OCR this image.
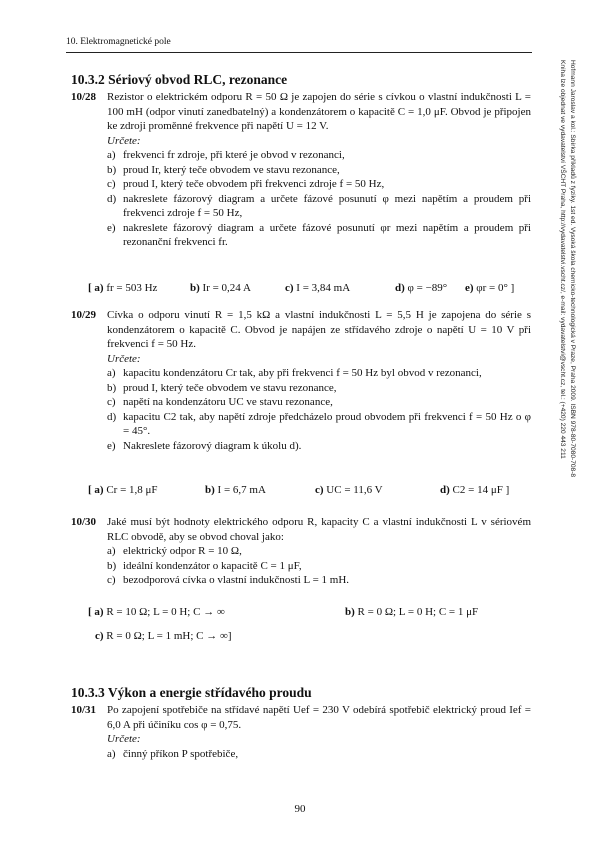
10. Elektromagnetické pole
Hofmann Jaroslav a kol.: Sbírka příkladů z fyziky. 1st ed. Vysoká škola chemicko-technologická v Praze, Praha 2009. ISBN 978-80-7080-708-8
Kniha lze objednat ve vydavatelství VŠCHT Praha, http://vydavatelstvi.vscht.cz/, e-mail: vydavatelstvi@vscht.cz, tel.: (+420) 220 443 211
10.3.2 Sériový obvod RLC, rezonance
10/28 Rezistor o elektrickém odporu R = 50 Ω je zapojen do série s cívkou o vlastní indukčnosti L = 100 mH (odpor vinutí zanedbatelný) a kondenzátorem o kapacitě C = 1,0 μF. Obvod je připojen ke zdroji proměnné frekvence při napětí U = 12 V.
Určete:
a) frekvenci fr zdroje, při které je obvod v rezonanci,
b) proud Ir, který teče obvodem ve stavu rezonance,
c) proud I, který teče obvodem při frekvenci zdroje f = 50 Hz,
d) nakreslete fázorový diagram a určete fázové posunutí φ mezi napětím a proudem při frekvenci zdroje f = 50 Hz,
e) nakreslete fázorový diagram a určete fázové posunutí φr mezi napětím a proudem při rezonanční frekvenci fr.
[ a) fr = 503 Hz	b) Ir = 0,24 A	c) I = 3,84 mA	d) φ = −89° e) φr = 0° ]
10/29 Cívka o odporu vinutí R = 1,5 kΩ a vlastní indukčnosti L = 5,5 H je zapojena do série s kondenzátorem o kapacitě C. Obvod je napájen ze střídavého zdroje o napětí U = 10 V při frekvenci f = 50 Hz.
Určete:
a) kapacitu kondenzátoru Cr tak, aby při frekvenci f = 50 Hz byl obvod v rezonanci,
b) proud I, který teče obvodem ve stavu rezonance,
c) napětí na kondenzátoru UC ve stavu rezonance,
d) kapacitu C2 tak, aby napětí zdroje předcházelo proud obvodem při frekvenci f = 50 Hz o φ = 45°.
e) Nakreslete fázorový diagram k úkolu d).
[ a) Cr = 1,8 μF	b) I = 6,7 mA	c) UC = 11,6 V	d) C2 = 14 μF ]
10/30 Jaké musí být hodnoty elektrického odporu R, kapacity C a vlastní indukčnosti L v sériovém RLC obvodě, aby se obvod choval jako:
a) elektrický odpor R = 10 Ω,
b) ideální kondenzátor o kapacitě C = 1 μF,
c) bezodporová cívka o vlastní indukčnosti L = 1 mH.
[ a) R = 10 Ω; L = 0 H; C → ∞	b) R = 0 Ω; L = 0 H; C = 1 μF
c) R = 0 Ω; L = 1 mH; C → ∞]
10.3.3 Výkon a energie střídavého proudu
10/31 Po zapojení spotřebiče na střídavé napětí Uef = 230 V odebírá spotřebič elektrický proud Ief = 6,0 A při účiníku cos φ = 0,75.
Určete:
a) činný příkon P spotřebiče,
90
